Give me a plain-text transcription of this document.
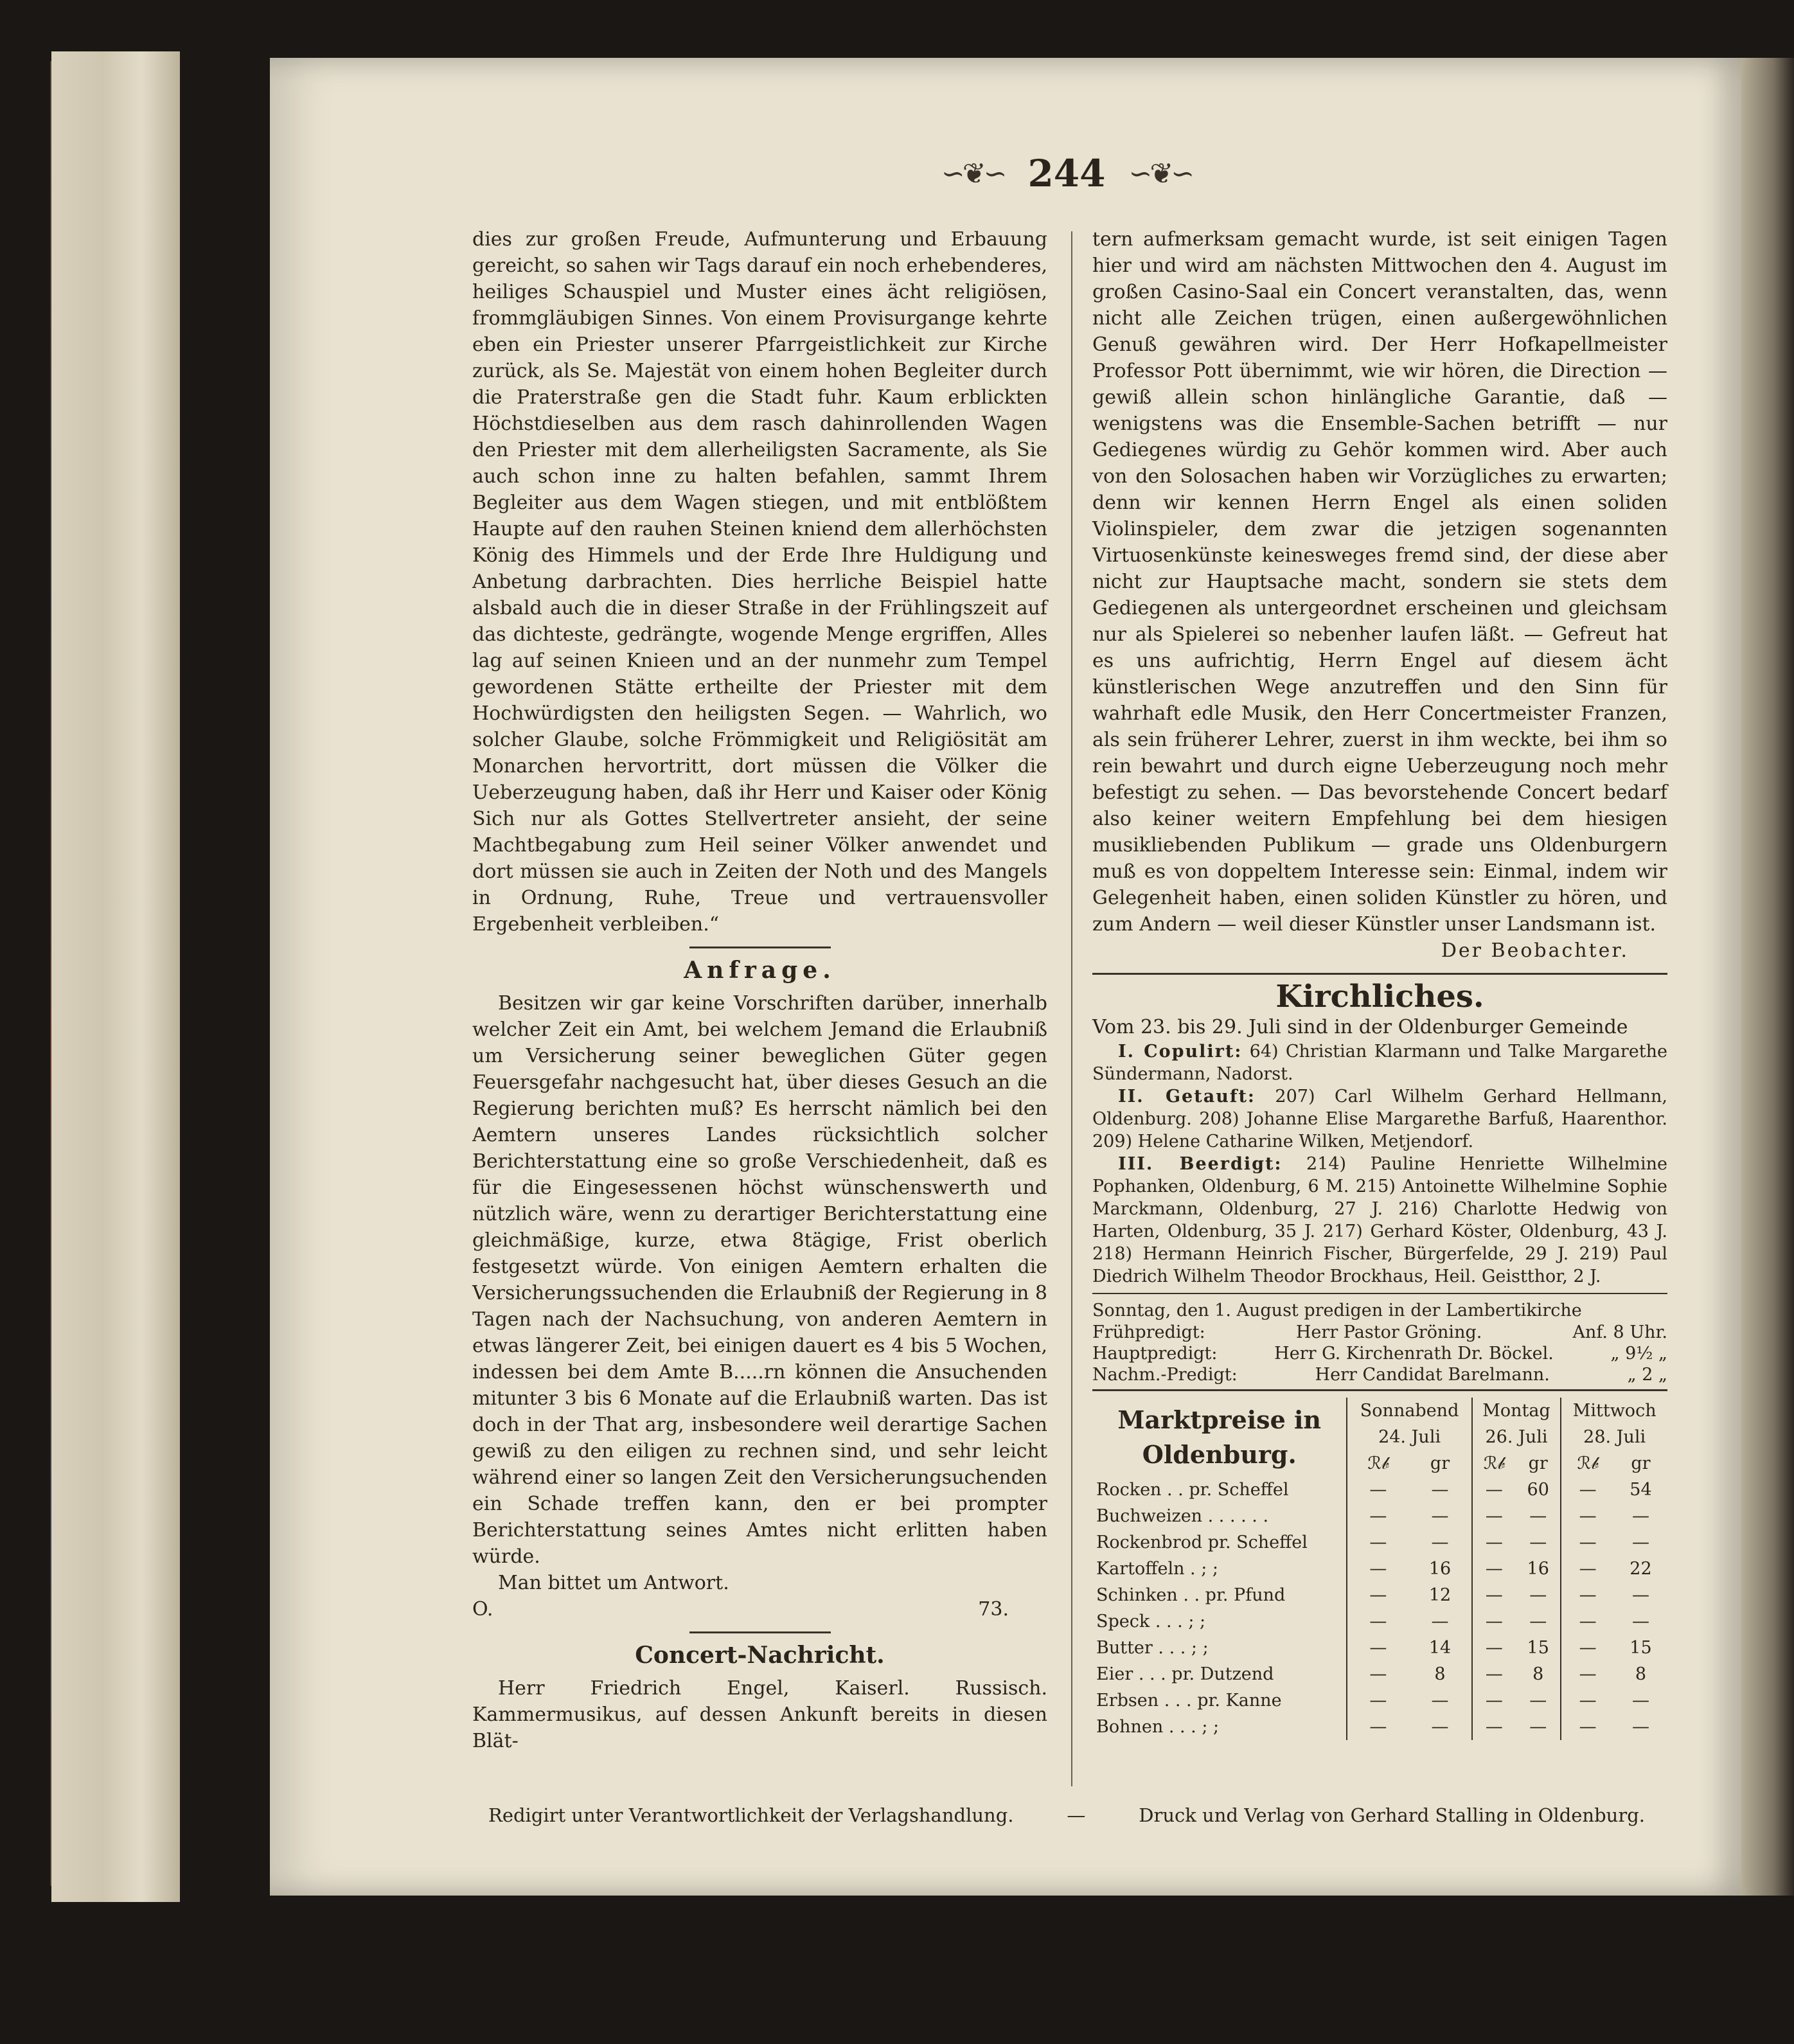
∽❦∽ 244 ∽❦∽

dies zur großen Freude, Aufmunterung und Erbauung gereicht, so sahen wir Tags darauf ein noch erhebenderes, heiliges Schauspiel und Muster eines ächt religiösen, frommgläubigen Sinnes. Von einem Provisurgange kehrte eben ein Priester unserer Pfarrgeistlichkeit zur Kirche zurück, als Se. Majestät von einem hohen Begleiter durch die Praterstraße gen die Stadt fuhr. Kaum erblickten Höchstdieselben aus dem rasch dahinrollenden Wagen den Priester mit dem allerheiligsten Sacramente, als Sie auch schon inne zu halten befahlen, sammt Ihrem Begleiter aus dem Wagen stiegen, und mit entblößtem Haupte auf den rauhen Steinen kniend dem allerhöchsten König des Himmels und der Erde Ihre Huldigung und Anbetung darbrachten. Dies herrliche Beispiel hatte alsbald auch die in dieser Straße in der Frühlingszeit auf das dichteste, gedrängte, wogende Menge ergriffen, Alles lag auf seinen Knieen und an der nunmehr zum Tempel gewordenen Stätte ertheilte der Priester mit dem Hochwürdigsten den heiligsten Segen. — Wahrlich, wo solcher Glaube, solche Frömmigkeit und Religiösität am Monarchen hervortritt, dort müssen die Völker die Ueberzeugung haben, daß ihr Herr und Kaiser oder König Sich nur als Gottes Stellvertreter ansieht, der seine Machtbegabung zum Heil seiner Völker anwendet und dort müssen sie auch in Zeiten der Noth und des Mangels in Ordnung, Ruhe, Treue und vertrauensvoller Ergebenheit verbleiben.“

Anfrage.

Besitzen wir gar keine Vorschriften darüber, innerhalb welcher Zeit ein Amt, bei welchem Jemand die Erlaubniß um Versicherung seiner beweglichen Güter gegen Feuersgefahr nachgesucht hat, über dieses Gesuch an die Regierung berichten muß? Es herrscht nämlich bei den Aemtern unseres Landes rücksichtlich solcher Berichterstattung eine so große Verschiedenheit, daß es für die Eingesessenen höchst wünschenswerth und nützlich wäre, wenn zu derartiger Berichterstattung eine gleichmäßige, kurze, etwa 8tägige, Frist oberlich festgesetzt würde. Von einigen Aemtern erhalten die Versicherungssuchenden die Erlaubniß der Regierung in 8 Tagen nach der Nachsuchung, von anderen Aemtern in etwas längerer Zeit, bei einigen dauert es 4 bis 5 Wochen, indessen bei dem Amte B.....rn können die Ansuchenden mitunter 3 bis 6 Monate auf die Erlaubniß warten. Das ist doch in der That arg, insbesondere weil derartige Sachen gewiß zu den eiligen zu rechnen sind, und sehr leicht während einer so langen Zeit den Versicherungsuchenden ein Schade treffen kann, den er bei prompter Berichterstattung seines Amtes nicht erlitten haben würde.

Man bittet um Antwort.

O.	73.
Concert-Nachricht.

Herr Friedrich Engel, Kaiserl. Russisch. Kammermusikus, auf dessen Ankunft bereits in diesen Blät-

tern aufmerksam gemacht wurde, ist seit einigen Tagen hier und wird am nächsten Mittwochen den 4. August im großen Casino-Saal ein Concert veranstalten, das, wenn nicht alle Zeichen trügen, einen außergewöhnlichen Genuß gewähren wird. Der Herr Hofkapellmeister Professor Pott übernimmt, wie wir hören, die Direction — gewiß allein schon hinlängliche Garantie, daß — wenigstens was die Ensemble-Sachen betrifft — nur Gediegenes würdig zu Gehör kommen wird. Aber auch von den Solosachen haben wir Vorzügliches zu erwarten; denn wir kennen Herrn Engel als einen soliden Violinspieler, dem zwar die jetzigen sogenannten Virtuosenkünste keinesweges fremd sind, der diese aber nicht zur Hauptsache macht, sondern sie stets dem Gediegenen als untergeordnet erscheinen und gleichsam nur als Spielerei so nebenher laufen läßt. — Gefreut hat es uns aufrichtig, Herrn Engel auf diesem ächt künstlerischen Wege anzutreffen und den Sinn für wahrhaft edle Musik, den Herr Concertmeister Franzen, als sein früherer Lehrer, zuerst in ihm weckte, bei ihm so rein bewahrt und durch eigne Ueberzeugung noch mehr befestigt zu sehen. — Das bevorstehende Concert bedarf also keiner weitern Empfehlung bei dem hiesigen musikliebenden Publikum — grade uns Oldenburgern muß es von doppeltem Interesse sein: Einmal, indem wir Gelegenheit haben, einen soliden Künstler zu hören, und zum Andern — weil dieser Künstler unser Landsmann ist.

Der Beobachter.
Kirchliches.

Vom 23. bis 29. Juli sind in der Oldenburger Gemeinde

I. Copulirt: 64) Christian Klarmann und Talke Margarethe Sündermann, Nadorst.

II. Getauft: 207) Carl Wilhelm Gerhard Hellmann, Oldenburg. 208) Johanne Elise Margarethe Barfuß, Haarenthor. 209) Helene Catharine Wilken, Metjendorf.

III. Beerdigt: 214) Pauline Henriette Wilhelmine Pophanken, Oldenburg, 6 M. 215) Antoinette Wilhelmine Sophie Marckmann, Oldenburg, 27 J. 216) Charlotte Hedwig von Harten, Oldenburg, 35 J. 217) Gerhard Köster, Oldenburg, 43 J. 218) Hermann Heinrich Fischer, Bürgerfelde, 29 J. 219) Paul Diedrich Wilhelm Theodor Brockhaus, Heil. Geistthor, 2 J.

Sonntag, den 1. August predigen in der Lambertikirche

Frühpredigt:	Herr Pastor Gröning.	Anf. 8 Uhr.
Hauptpredigt:	Herr G. Kirchenrath Dr. Böckel.	„ 9½ „
Nachm.-Predigt:	Herr Candidat Barelmann.	„ 2 „
Marktpreise in
Oldenburg.	Sonnabend		Montag		Mittwoch	
	24. Juli		26. Juli		28. Juli	
	ℛ𝒷	gr	ℛ𝒷	gr	ℛ𝒷	gr
Rocken . . pr. Scheffel	—	—	—	60	—	54
Buchweizen . . . . . .	—	—	—	—	—	—
Rockenbrod pr. Scheffel	—	—	—	—	—	—
Kartoffeln . ; ;	—	16	—	16	—	22
Schinken . . pr. Pfund	—	12	—	—	—	—
Speck . . . ; ;	—	—	—	—	—	—
Butter . . . ; ;	—	14	—	15	—	15
Eier . . . pr. Dutzend	—	8	—	8	—	8
Erbsen . . . pr. Kanne	—	—	—	—	—	—
Bohnen . . . ; ;	—	—	—	—	—	—
Redigirt unter Verantwortlichkeit der Verlagshandlung.	—	Druck und Verlag von Gerhard Stalling in Oldenburg.
